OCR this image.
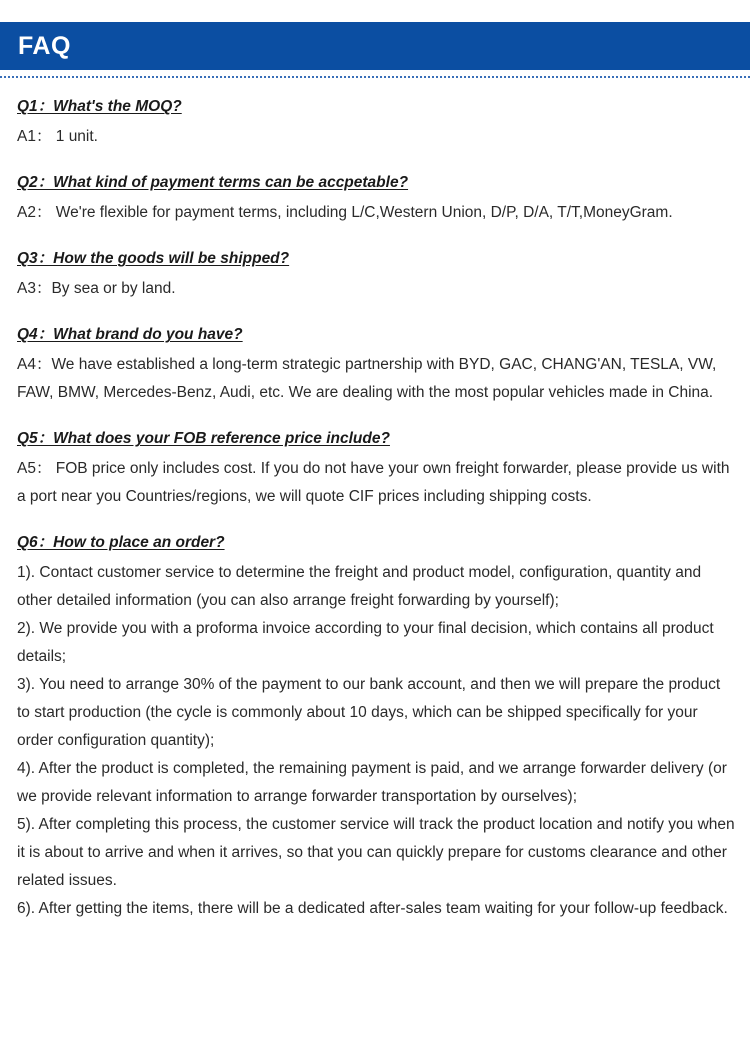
FAQ
Q1：What's the MOQ?
A1： 1 unit.
Q2：What kind of payment terms can be accpetable?
A2： We're flexible for payment terms, including L/C,Western Union, D/P, D/A, T/T,MoneyGram.
Q3：How the goods will be shipped?
A3：By sea or by land.
Q4：What brand do you have?
A4：We have established a long-term strategic partnership with BYD, GAC, CHANG'AN, TESLA, VW, FAW, BMW, Mercedes-Benz, Audi, etc. We are dealing with the most popular vehicles made in China.
Q5：What does your FOB reference price include?
A5： FOB price only includes cost. If you do not have your own freight forwarder, please provide us with a port near you Countries/regions, we will quote CIF prices including shipping costs.
Q6：How to place an order?
1). Contact customer service to determine the freight and product model, configuration, quantity and other detailed information (you can also arrange freight forwarding by yourself);
2). We provide you with a proforma invoice according to your final decision, which contains all product details;
3). You need to arrange 30% of the payment to our bank account, and then we will prepare the product to start production (the cycle is commonly about 10 days, which can be shipped specifically for your order configuration quantity);
4). After the product is completed, the remaining payment is paid, and we arrange forwarder delivery (or we provide relevant information to arrange forwarder transportation by ourselves);
5). After completing this process, the customer service will track the product location and notify you when it is about to arrive and when it arrives, so that you can quickly prepare for customs clearance and other related issues.
6). After getting the items, there will be a dedicated after-sales team waiting for your follow-up feedback.
